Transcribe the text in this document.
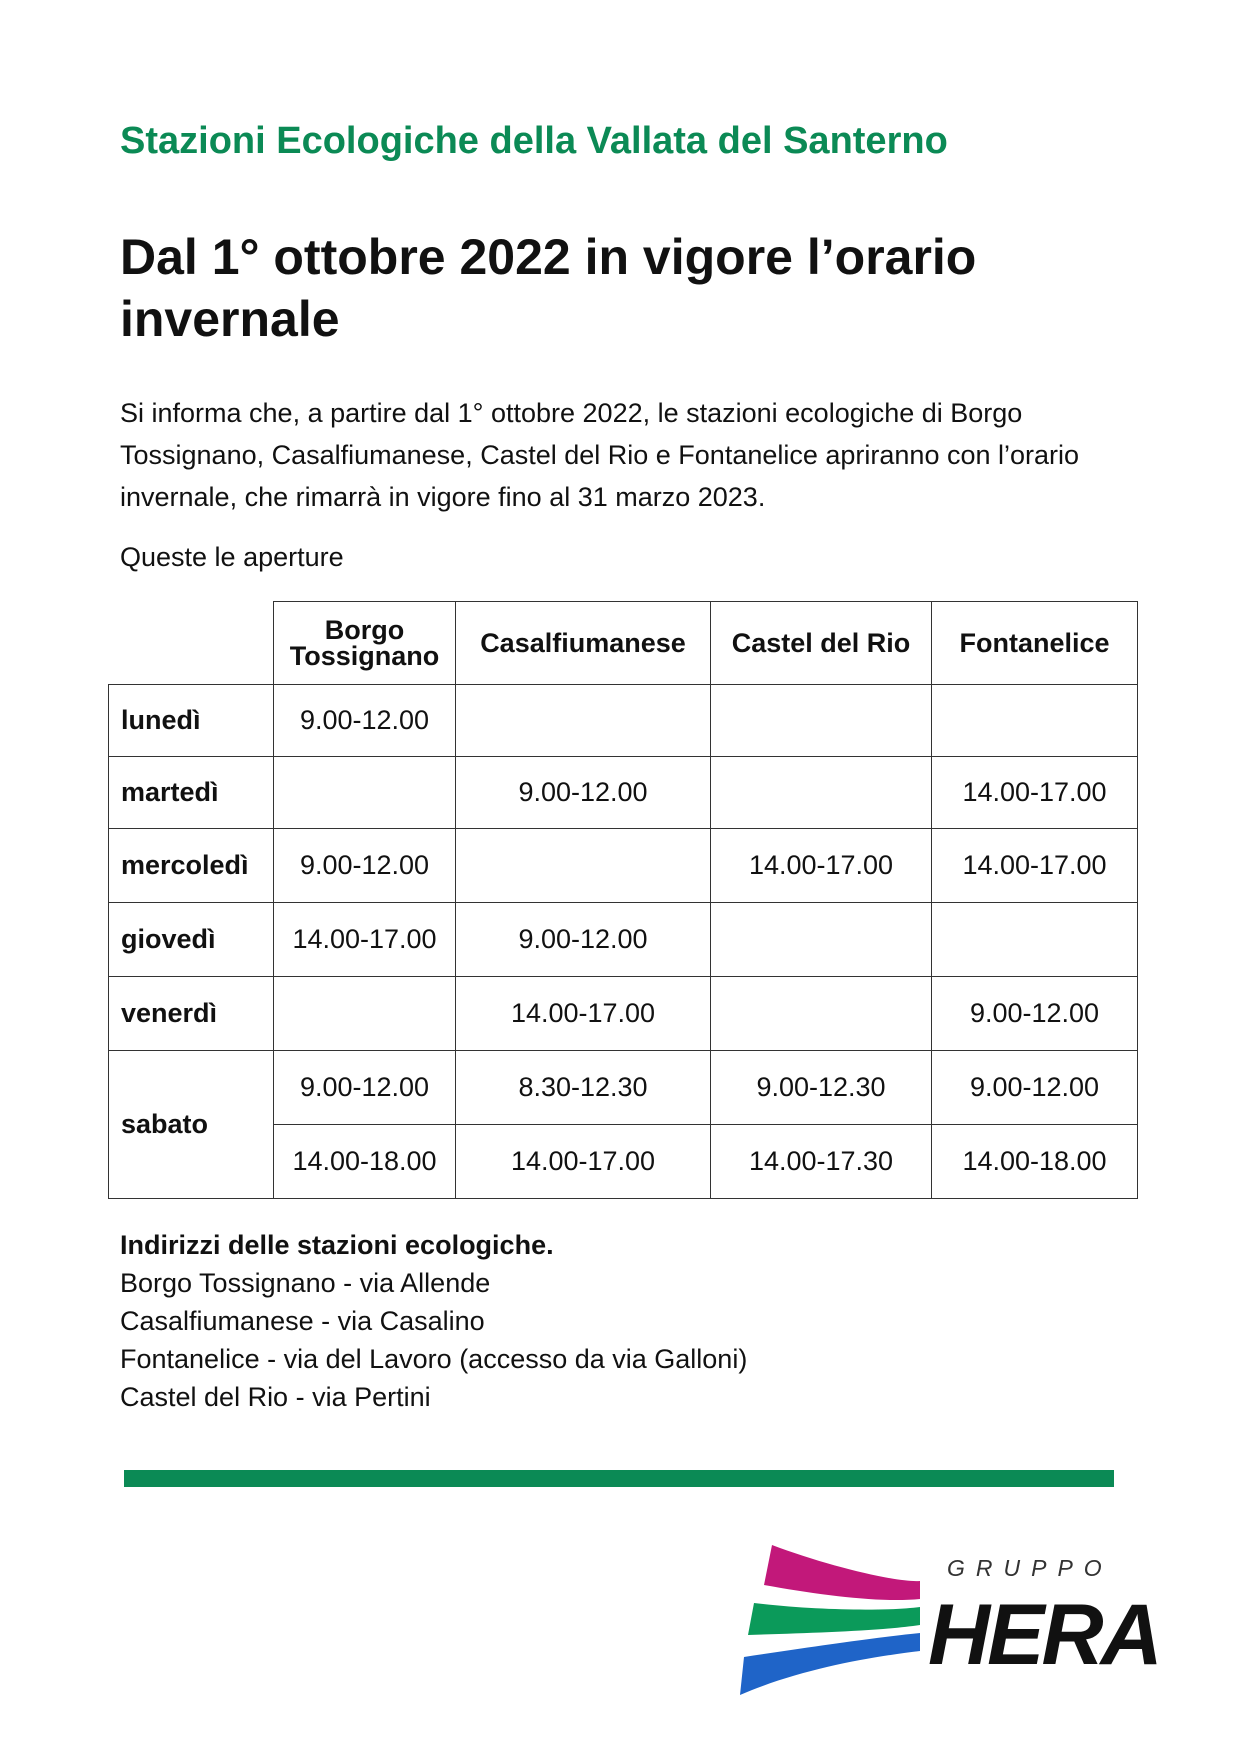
Stazioni Ecologiche della Vallata del Santerno
Dal 1° ottobre 2022 in vigore l’orario invernale

Si informa che, a partire dal 1° ottobre 2022, le stazioni ecologiche di Borgo Tossignano, Casalfiumanese, Castel del Rio e Fontanelice apriranno con l’orario invernale, che rimarrà in vigore fino al 31 marzo 2023.

Queste le aperture
	Borgo Tossignano	Casalfiumanese	Castel del Rio	Fontanelice
lunedì	9.00-12.00			
martedì		9.00-12.00		14.00-17.00
mercoledì	9.00-12.00		14.00-17.00	14.00-17.00
giovedì	14.00-17.00	9.00-12.00		
venerdì		14.00-17.00		9.00-12.00
sabato	9.00-12.00	8.30-12.30	9.00-12.30	9.00-12.00
	14.00-18.00	14.00-17.00	14.00-17.30	14.00-18.00
Indirizzi delle stazioni ecologiche.
Borgo Tossignano - via Allende
Casalfiumanese - via Casalino
Fontanelice - via del Lavoro (accesso da via Galloni)
Castel del Rio - via Pertini
GRUPPO
HERA
